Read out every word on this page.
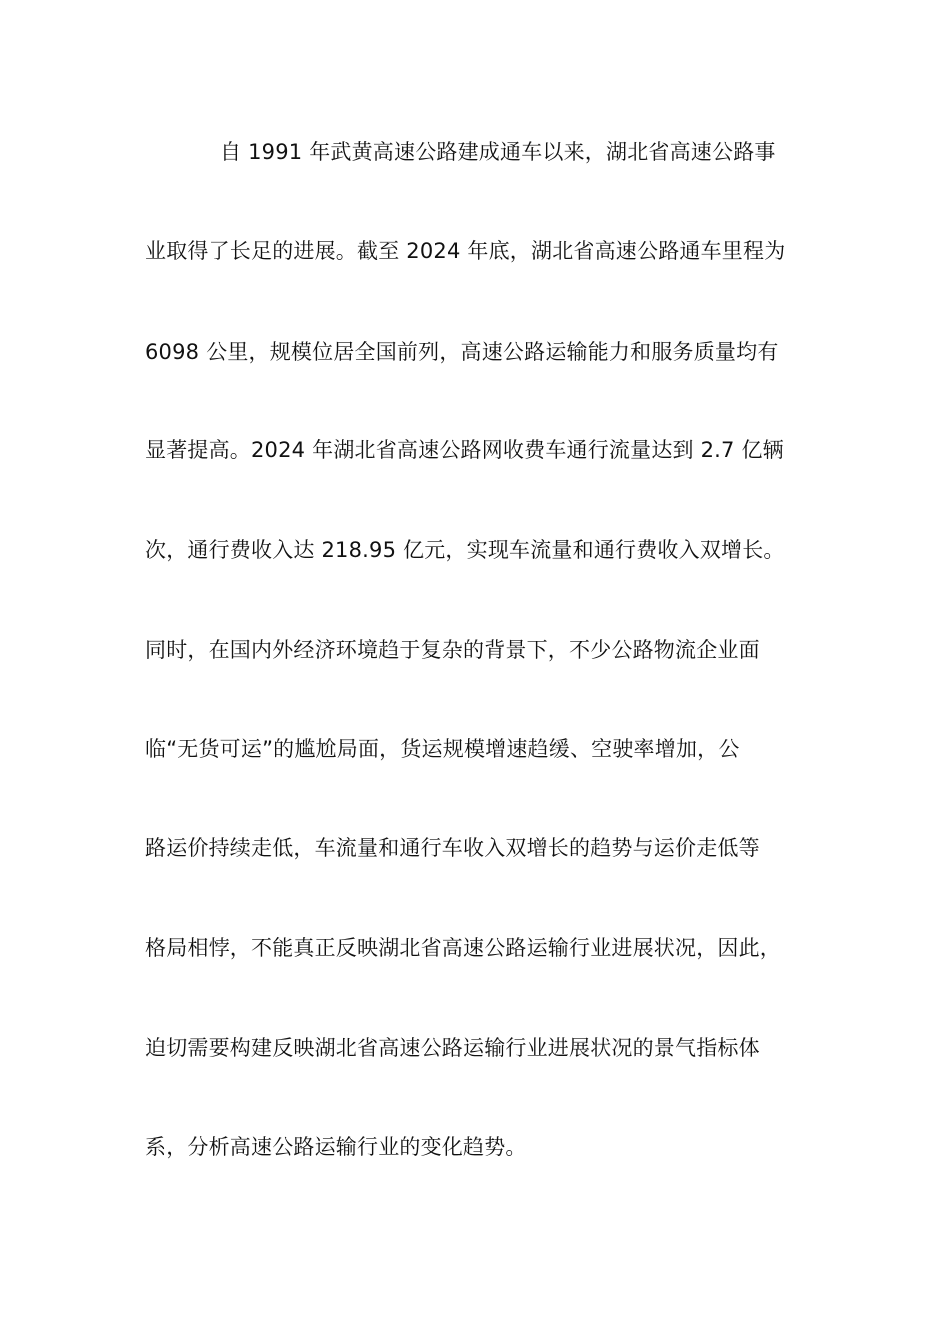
自 1991 年武黄高速公路建成通车以来，湖北省高速公路事
业取得了长足的进展。截至 2024 年底，湖北省高速公路通车里程为
6098 公里，规模位居全国前列，高速公路运输能力和服务质量均有
显著提高。2024 年湖北省高速公路网收费车通行流量达到 2.7 亿辆
次，通行费收入达 218.95 亿元，实现车流量和通行费收入双增长。
同时，在国内外经济环境趋于复杂的背景下，不少公路物流企业面
临“无货可运”的尴尬局面，货运规模增速趋缓、空驶率增加，公
路运价持续走低，车流量和通行车收入双增长的趋势与运价走低等
格局相悖，不能真正反映湖北省高速公路运输行业进展状况，因此，
迫切需要构建反映湖北省高速公路运输行业进展状况的景气指标体
系，分析高速公路运输行业的变化趋势。
